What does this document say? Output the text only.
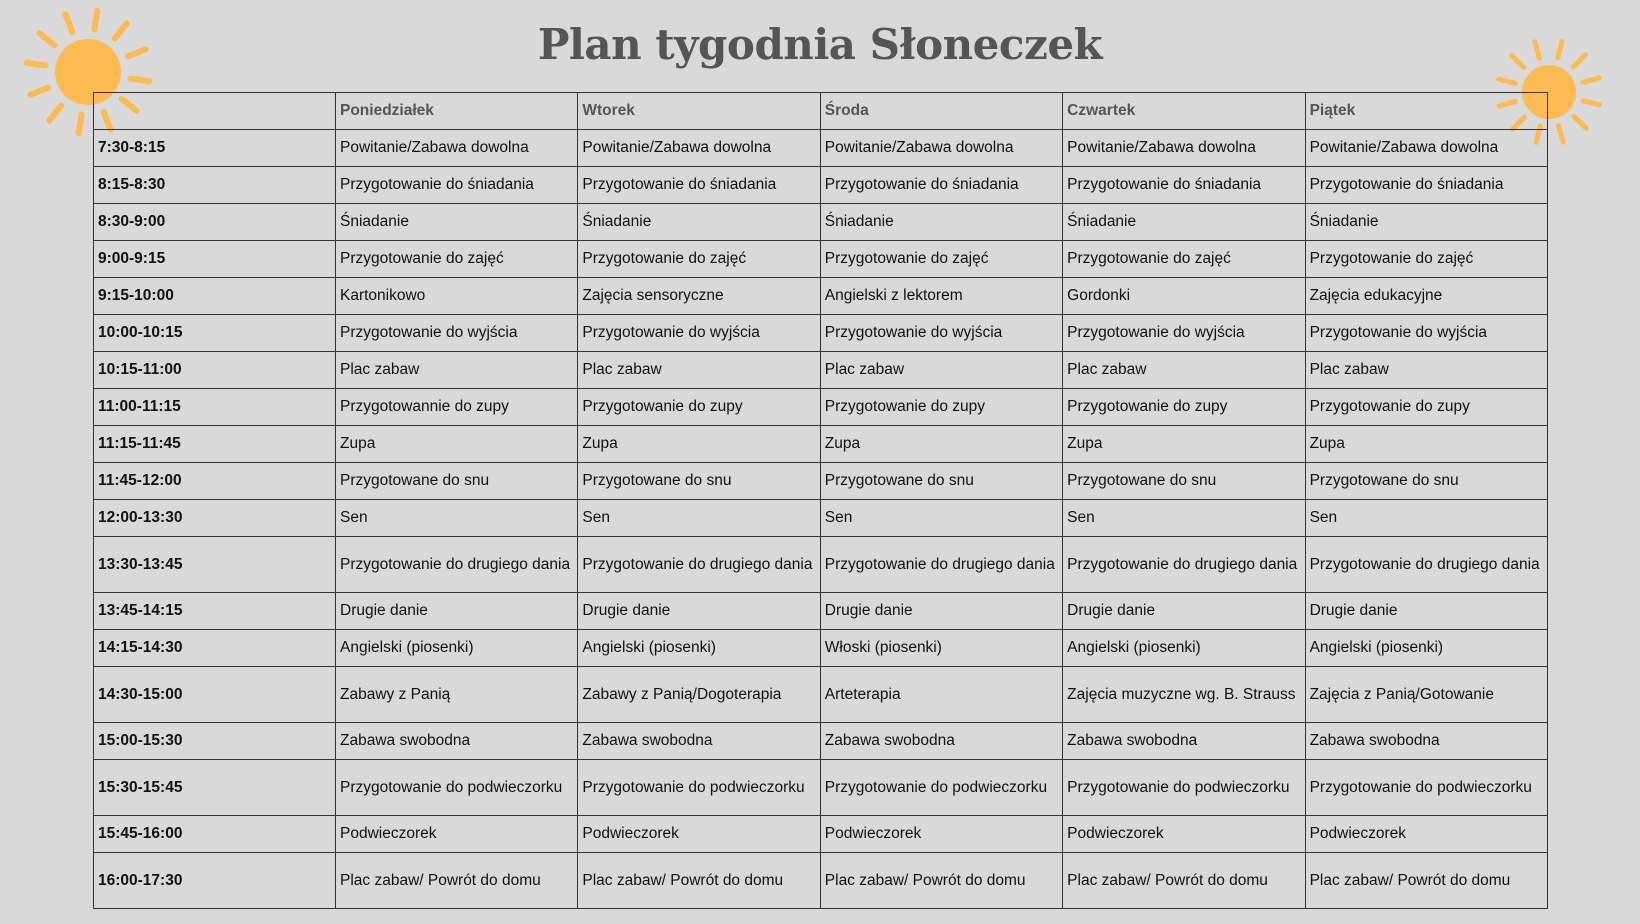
Plan tygodnia Słoneczek
	Poniedziałek	Wtorek	Środa	Czwartek	Piątek
7:30-8:15	Powitanie/Zabawa dowolna	Powitanie/Zabawa dowolna	Powitanie/Zabawa dowolna	Powitanie/Zabawa dowolna	Powitanie/Zabawa dowolna
8:15-8:30	Przygotowanie do śniadania	Przygotowanie do śniadania	Przygotowanie do śniadania	Przygotowanie do śniadania	Przygotowanie do śniadania
8:30-9:00	Śniadanie	Śniadanie	Śniadanie	Śniadanie	Śniadanie
9:00-9:15	Przygotowanie do zajęć	Przygotowanie do zajęć	Przygotowanie do zajęć	Przygotowanie do zajęć	Przygotowanie do zajęć
9:15-10:00	Kartonikowo	Zajęcia sensoryczne	Angielski z lektorem	Gordonki	Zajęcia edukacyjne
10:00-10:15	Przygotowanie do wyjścia	Przygotowanie do wyjścia	Przygotowanie do wyjścia	Przygotowanie do wyjścia	Przygotowanie do wyjścia
10:15-11:00	Plac zabaw	Plac zabaw	Plac zabaw	Plac zabaw	Plac zabaw
11:00-11:15	Przygotowannie do zupy	Przygotowanie do zupy	Przygotowanie do zupy	Przygotowanie do zupy	Przygotowanie do zupy
11:15-11:45	Zupa	Zupa	Zupa	Zupa	Zupa
11:45-12:00	Przygotowane do snu	Przygotowane do snu	Przygotowane do snu	Przygotowane do snu	Przygotowane do snu
12:00-13:30	Sen	Sen	Sen	Sen	Sen
13:30-13:45	Przygotowanie do drugiego dania	Przygotowanie do drugiego dania	Przygotowanie do drugiego dania	Przygotowanie do drugiego dania	Przygotowanie do drugiego dania
13:45-14:15	Drugie danie	Drugie danie	Drugie danie	Drugie danie	Drugie danie
14:15-14:30	Angielski (piosenki)	Angielski (piosenki)	Włoski (piosenki)	Angielski (piosenki)	Angielski (piosenki)
14:30-15:00	Zabawy z Panią	Zabawy z Panią/Dogoterapia	Arteterapia	Zajęcia muzyczne wg. B. Strauss	Zajęcia z Panią/Gotowanie
15:00-15:30	Zabawa swobodna	Zabawa swobodna	Zabawa swobodna	Zabawa swobodna	Zabawa swobodna
15:30-15:45	Przygotowanie do podwieczorku	Przygotowanie do podwieczorku	Przygotowanie do podwieczorku	Przygotowanie do podwieczorku	Przygotowanie do podwieczorku
15:45-16:00	Podwieczorek	Podwieczorek	Podwieczorek	Podwieczorek	Podwieczorek
16:00-17:30	Plac zabaw/ Powrót do domu	Plac zabaw/ Powrót do domu	Plac zabaw/ Powrót do domu	Plac zabaw/ Powrót do domu	Plac zabaw/ Powrót do domu
